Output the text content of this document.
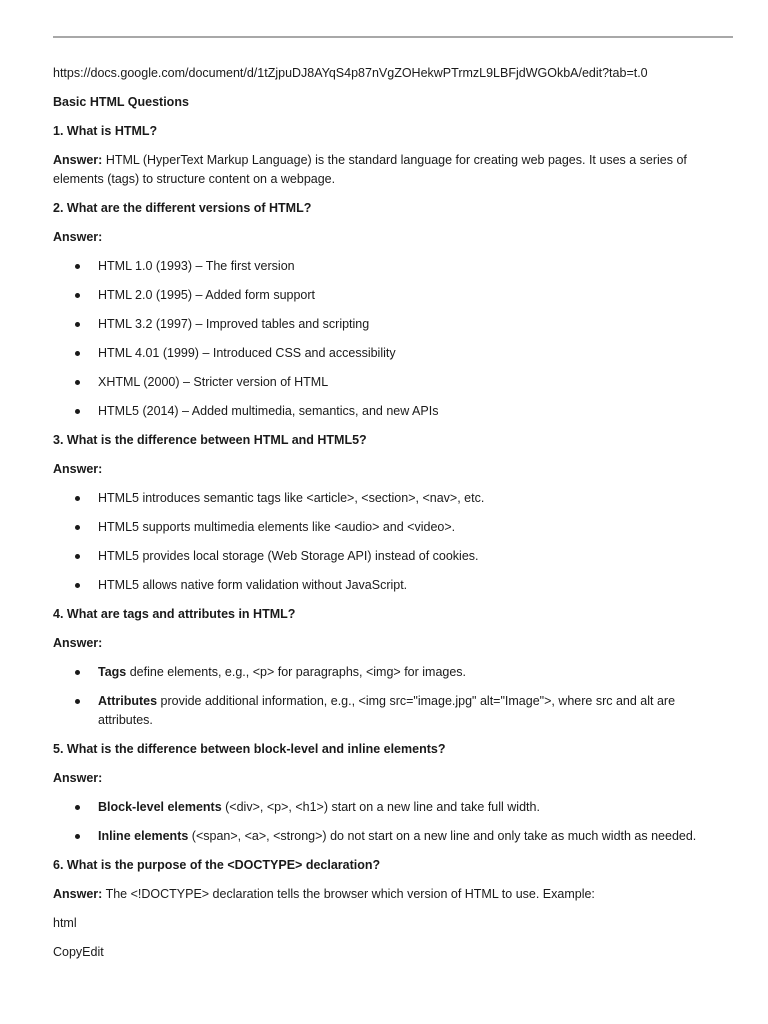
https://docs.google.com/document/d/1tZjpuDJ8AYqS4p87nVgZOHekwPTrmzL9LBFjdWGOkbA/edit?tab=t.0

Basic HTML Questions

1. What is HTML?

Answer: HTML (HyperText Markup Language) is the standard language for creating web pages. It uses a series of elements (tags) to structure content on a webpage.

2. What are the different versions of HTML?

Answer:

HTML 1.0 (1993) – The first version
HTML 2.0 (1995) – Added form support
HTML 3.2 (1997) – Improved tables and scripting
HTML 4.01 (1999) – Introduced CSS and accessibility
XHTML (2000) – Stricter version of HTML
HTML5 (2014) – Added multimedia, semantics, and new APIs

3. What is the difference between HTML and HTML5?

Answer:

HTML5 introduces semantic tags like <article>, <section>, <nav>, etc.
HTML5 supports multimedia elements like <audio> and <video>.
HTML5 provides local storage (Web Storage API) instead of cookies.
HTML5 allows native form validation without JavaScript.

4. What are tags and attributes in HTML?

Answer:

Tags define elements, e.g., <p> for paragraphs, <img> for images.
Attributes provide additional information, e.g., <img src="image.jpg" alt="Image">, where src and alt are attributes.

5. What is the difference between block-level and inline elements?

Answer:

Block-level elements (<div>, <p>, <h1>) start on a new line and take full width.
Inline elements (<span>, <a>, <strong>) do not start on a new line and only take as much width as needed.

6. What is the purpose of the <DOCTYPE> declaration?

Answer: The <!DOCTYPE> declaration tells the browser which version of HTML to use. Example:

html

CopyEdit
